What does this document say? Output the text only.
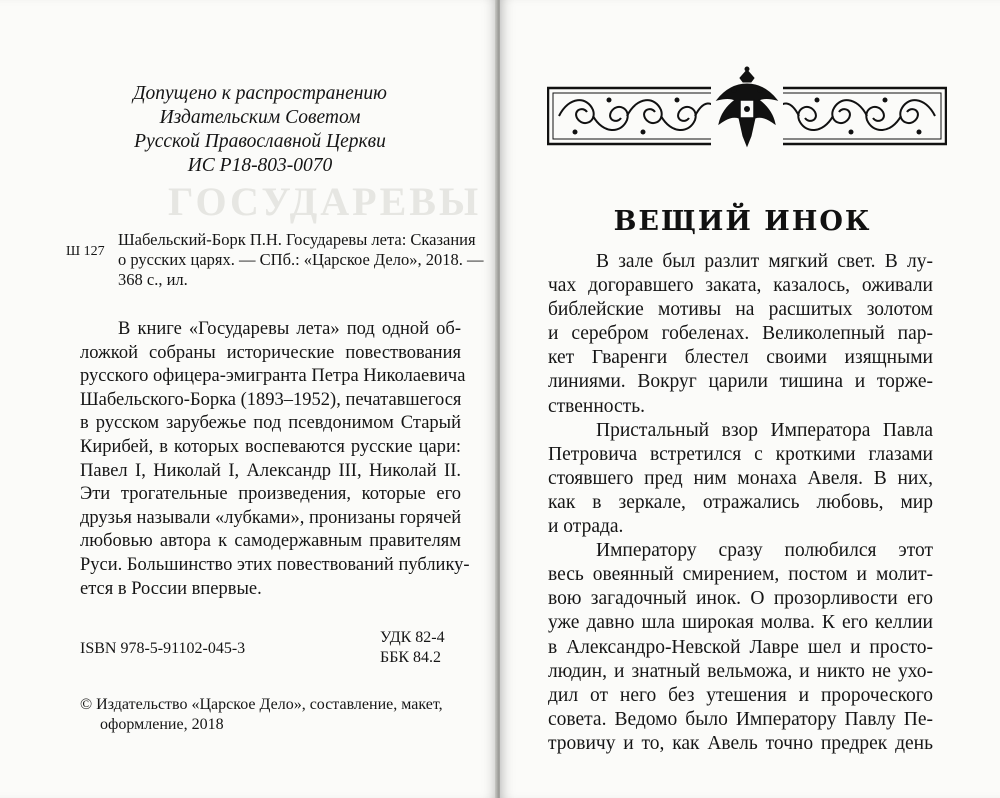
ГОСУДАРЕВЫ
Допущено к распространению
Издательским Советом
Русской Православной Церкви
ИС Р18-803-0070
Ш 127
Шабельский-Борк П.Н. Государевы лета: Сказания
о русских царях. — СПб.: «Царское Дело», 2018. —
368 с., ил.
В книге «Государевы лета» под одной об-
ложкой собраны исторические повествования
русского офицера-эмигранта Петра Николаевича
Шабельского-Борка (1893–1952), печатавшегося
в русском зарубежье под псевдонимом Старый
Кирибей, в которых воспеваются русские цари:
Павел I, Николай I, Александр III, Николай II.
Эти трогательные произведения, которые его
друзья называли «лубками», пронизаны горячей
любовью автора к самодержавным правителям
Руси. Большинство этих повествований публику-
ется в России впервые.
ISBN 978-5-91102-045-3
УДК 82-4
ББК 84.2
© Издательство «Царское Дело», составление, макет,
оформление, 2018
ВЕЩИЙ ИНОК
В зале был разлит мягкий свет. В лу-
чах догоравшего заката, казалось, оживали
библейские мотивы на расшитых золотом
и серебром гобеленах. Великолепный пар-
кет Гваренги блестел своими изящными
линиями. Вокруг царили тишина и торже-
ственность.
Пристальный взор Императора Павла
Петровича встретился с кроткими глазами
стоявшего пред ним монаха Авеля. В них,
как в зеркале, отражались любовь, мир
и отрада.
Императору сразу полюбился этот
весь овеянный смирением, постом и молит-
вою загадочный инок. О прозорливости его
уже давно шла широкая молва. К его келлии
в Александро-Невской Лавре шел и просто-
людин, и знатный вельможа, и никто не ухо-
дил от него без утешения и пророческого
совета. Ведомо было Императору Павлу Пе-
тровичу и то, как Авель точно предрек день
